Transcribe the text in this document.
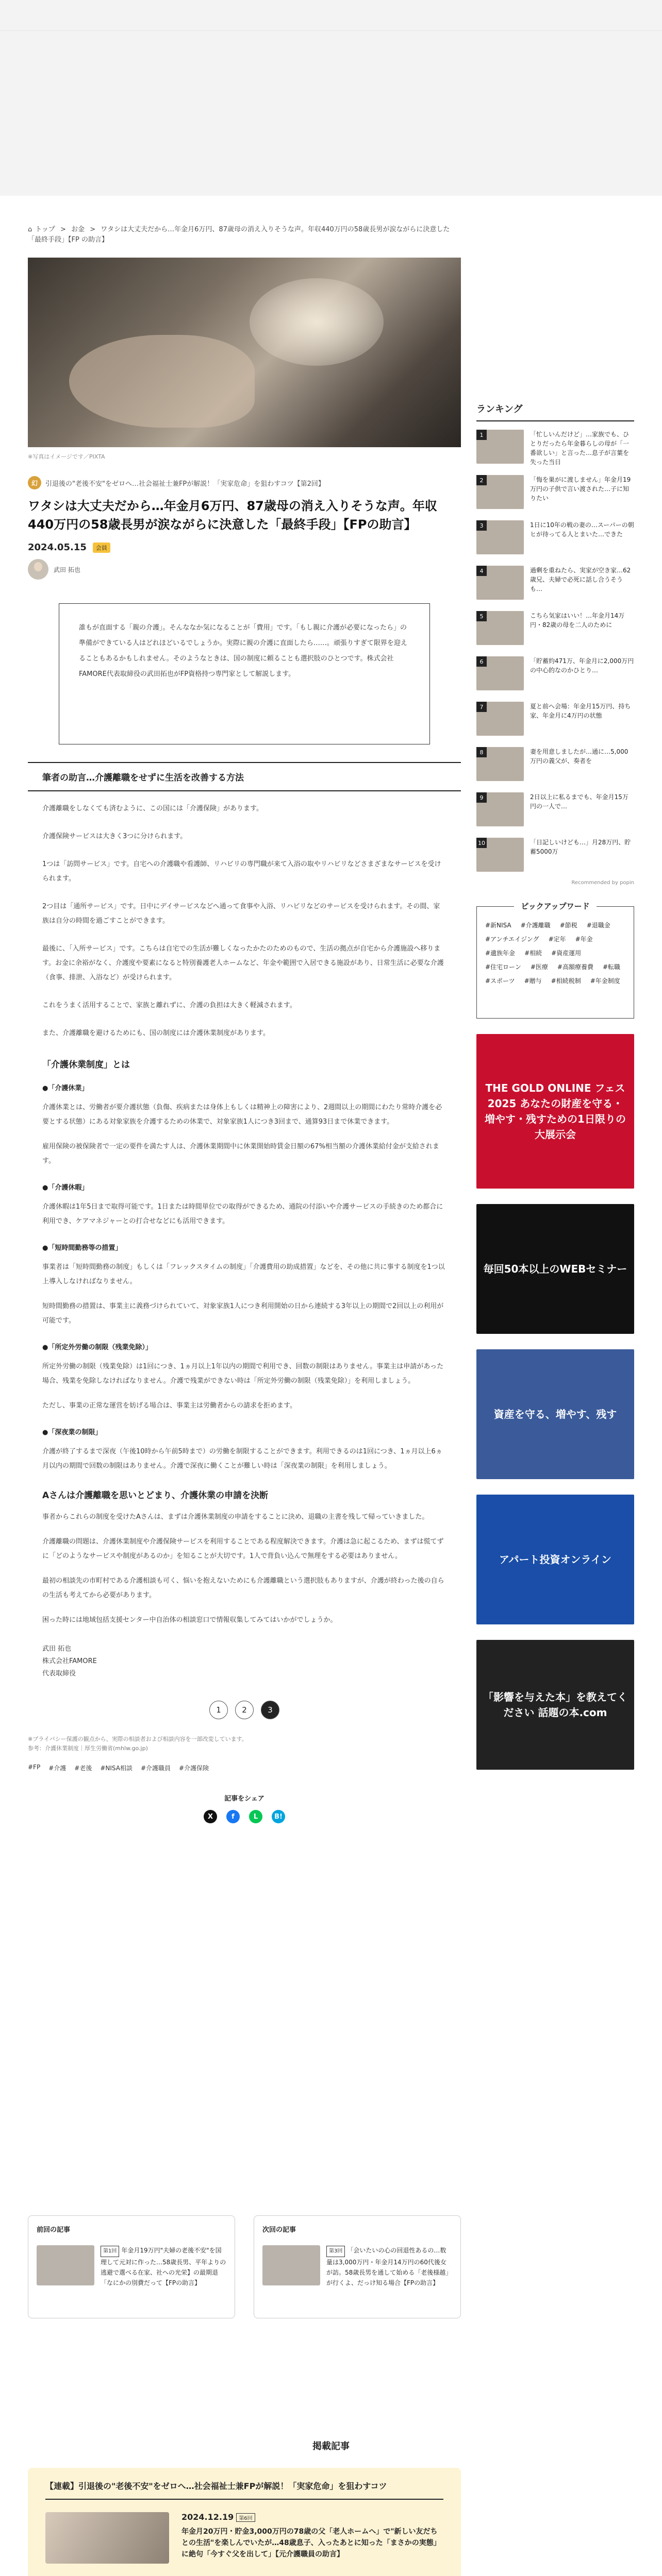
⌂ トップ > お金 > ワタシは大丈夫だから…年金月6万円、87歳母の消え入りそうな声。年収440万円の58歳長男が涙ながらに決意した「最終手段」【FP の助言】
※写真はイメージです／PIXTA
幻	引退後の"老後不安"をゼロへ…社会福祉士兼FPが解説！「実家危命」を狙わすコツ【第2回】
ワタシは大丈夫だから…年金月6万円、87歳母の消え入りそうな声。年収440万円の58歳長男が涙ながらに決意した「最終手段」【FPの助言】
2024.05.15	会員
武田 拓也
誰もが直面する「親の介護」。そんななか気になることが「費用」です。「もし親に介護が必要になったら」の準備ができている人はどれほどいるでしょうか。実際に親の介護に直面したら……。頑張りすぎて限界を迎えることもあるかもしれません。そのようなときは、国の制度に頼ることも選択肢のひとつです。株式会社FAMORE代表取締役の武田拓也がFP資格持つ専門家として解説します。
筆者の助言…介護離職をせずに生活を改善する方法

介護離職をしなくても済むように、この国には「介護保険」があります。

介護保険サービスは大きく3つに分けられます。

1つは「訪問サービス」です。自宅への介護職や看護師、リハビリの専門職が来て入浴の取やリハビリなどさまざまなサービスを受けられます。

2つ目は「通所サービス」です。日中にデイサービスなどへ通って食事や入浴、リハビリなどのサービスを受けられます。その間、家族は自分の時間を過ごすことができます。

最後に、「入所サービス」です。こちらは自宅での生活が難しくなったかたのためのもので、生活の拠点が自宅から介護施設へ移ります。お金に余裕がなく、介護度や要素になると特別養護老人ホームなど、年金や範囲で入居できる施設があり、日常生活に必要な介護（食事、排泄、入浴など）が受けられます。

これをうまく活用することで、家族と離れずに、介護の負担は大きく軽減されます。

また、介護離職を避けるためにも、国の制度には介護休業制度があります。

「介護休業制度」とは
●「介護休業」

介護休業とは、労働者が要介護状態（負傷、疾病または身体上もしくは精神上の障害により、2週間以上の期間にわたり常時介護を必要とする状態）にある対象家族を介護するための休業で、対象家族1人につき3回まで、通算93日まで休業できます。

雇用保険の被保険者で一定の要件を満たす人は、介護休業期間中に休業開始時賃金日額の67%相当額の介護休業給付金が支給されます。

●「介護休暇」

介護休暇は1年5日まで取得可能です。1日または時間単位での取得ができるため、通院の付添いや介護サービスの手続きのため都合に利用でき、ケアマネジャーとの打合せなどにも活用できます。

●「短時間勤務等の措置」

事業者は「短時間勤務の制度」もしくは「フレックスタイムの制度」「介護費用の助成措置」などを、その他に共に事する制度を1つ以上導入しなければなりません。

短時間勤務の措置は、事業主に義務づけられていて、対象家族1人につき利用開始の日から連続する3年以上の期間で2回以上の利用が可能です。

●「所定外労働の制限（残業免除）」

所定外労働の制限（残業免除）は1回につき、1ヵ月以上1年以内の期間で利用でき、回数の制限はありません。事業主は申請があった場合、残業を免除しなければなりません。介護で残業ができない時は「所定外労働の制限（残業免除）」を利用しましょう。

ただし、事業の正常な運営を妨げる場合は、事業主は労働者からの請求を拒めます。

●「深夜業の制限」

介護が終了するまで深夜（午後10時から午前5時まで）の労働を制限することができます。利用できるのは1回につき、1ヵ月以上6ヵ月以内の期間で回数の制限はありません。介護で深夜に働くことが難しい時は「深夜業の制限」を利用しましょう。

Aさんは介護離職を思いとどまり、介護休業の申請を決断

事者からこれらの制度を受けたAさんは、まずは介護休業制度の申請をすることに決め、退職の主書を残して帰っていきました。

介護離職の問題は、介護休業制度や介護保険サービスを利用することである程度解決できます。介護は急に起こるため、まずは慌てずに「どのようなサービスや制度があるのか」を知ることが大切です。1人で背負い込んで無理をする必要はありません。

最初の相談先の市町村である介護相談も可く、悩いを抱えないためにも介護離職という選択肢もありますが、介護が終わった後の自らの生活も考えてから必要があります。

困った時には地域包括支援センター中自治体の相談窓口で情報収集してみてはいかがでしょうか。

武田 拓也

株式会社FAMORE

代表取締役

1	2	3
※プライバシー保護の観点から、実際の相談者および相談内容を一部改変しています。
参考：介護休業制度｜厚生労働省(mhlw.go.jp)
#FP #介護 #老後 #NISA相談 #介護職員 #介護保険
記事をシェア
X	f	L	B!
前回の記事
第1回 年金月19万円"夫婦の老後不安"を国理して元対に作った…58歳長男、平年よりの逃避で選べる在家、社への光栄】の最期退「なにかの別費だって【FPの助言】
次回の記事
第3回 「会いたいの心の回退性あるの…数量は3,000万円・年金月14万円の60代後女が訪。58歳長男を通して始める「老後様越」が行くよ、だっけ知る場合【FPの助言】
掲載記事
【連載】引退後の"老後不安"をゼロへ…社会福祉士兼FPが解説！「実家危命」を狙わすコツ
2024.12.19 第6回
年金月20万円・貯金3,000万円の78歳の父「老人ホームへ」で"新しい友だちとの生活"を楽しんでいたが…48歳息子、入ったあとに知った「まさかの実態」に絶句「今すぐ父を出して」【元介護職員の助言】
ランキング
1	「忙しいんだけど」…家族でも、ひとりだったら年金暮らしの母が「一番欲しい」と言った…息子が言葉を失った当日
2	「悔を巣がに渡しません」年金月19万円の子供で言い渡された…子に知りたい
3	1日に10年の戦の妻の…スーパーの朝ヒが待ってる人とまいた…できた
4	過剰を重ねたら、実家が空き家…62歳兄、夫婦で必死に話し合うそうも…
5	こちら気家はいい！…年金月14万円・82歳の母を二人のために
6	「貯蓄約471万、年金月に2,000万円の中心的なのかひとり…
7	夏と前へ会場：年金月15万円、持ち家、年金月に4万円の状態
8	妻を用意しましたが…通に…5,000万円の義父が、奏者を
9	2日以上に私るまでも、年金月15万円の一人で…
10	「日記しいけども…」月28万円、貯蓄5000万
Recommended by popin
ピックアップワード
#新NISA #介護離職 #節税 #退職金
#アンチエイジング #定年 #年金
#遺族年金 #相続 #資産運用
#住宅ローン #医療 #高額療養費 #転職
#スポーツ #贈与 #相続税制 #年金制度
THE GOLD ONLINE フェス2025 あなたの財産を守る・増やす・残すための1日限りの大展示会
毎回50本以上のWEBセミナー
資産を守る、増やす、残す
アパート投資オンライン
「影響を与えた本」を教えてください 話題の本.com
